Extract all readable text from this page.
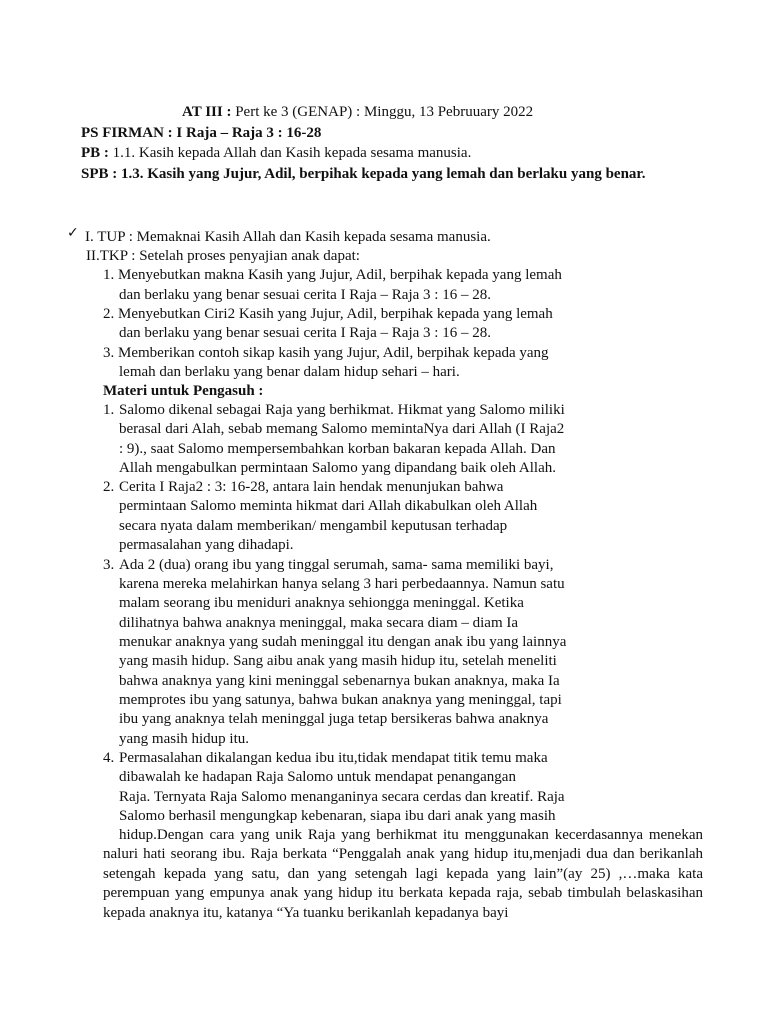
AT III : Pert ke 3 (GENAP) : Minggu, 13 Pebruuary 2022
PS FIRMAN : I Raja – Raja 3 : 16-28
PB : 1.1. Kasih kepada Allah dan Kasih kepada sesama manusia.
SPB : 1.3. Kasih yang Jujur, Adil, berpihak kepada yang lemah dan berlaku yang benar.
✓ I. TUP : Memaknai Kasih Allah dan Kasih kepada sesama manusia.
II.TKP : Setelah proses penyajian anak dapat:
1. Menyebutkan makna Kasih yang Jujur, Adil, berpihak kepada yang lemah
dan berlaku yang benar sesuai cerita I Raja – Raja 3 : 16 – 28.
2. Menyebutkan Ciri2 Kasih yang Jujur, Adil, berpihak kepada yang lemah
dan berlaku yang benar sesuai cerita I Raja – Raja 3 : 16 – 28.
3. Memberikan contoh sikap kasih yang Jujur, Adil, berpihak kepada yang
lemah dan berlaku yang benar dalam hidup sehari – hari.
Materi untuk Pengasuh :
1. Salomo dikenal sebagai Raja yang berhikmat. Hikmat yang Salomo miliki
berasal dari Alah, sebab memang Salomo memintaNya dari Allah (I Raja2
: 9)., saat Salomo mempersembahkan korban bakaran kepada Allah. Dan
Allah mengabulkan permintaan Salomo yang dipandang baik oleh Allah.
2. Cerita I Raja2 : 3: 16-28, antara lain hendak menunjukan bahwa
permintaan Salomo meminta hikmat dari Allah dikabulkan oleh Allah
secara nyata dalam memberikan/ mengambil keputusan terhadap
permasalahan yang dihadapi.
3. Ada 2 (dua) orang ibu yang tinggal serumah, sama- sama memiliki bayi,
karena mereka melahirkan hanya selang 3 hari perbedaannya. Namun satu
malam seorang ibu meniduri anaknya sehiongga meninggal. Ketika
dilihatnya bahwa anaknya meninggal, maka secara diam – diam Ia
menukar anaknya yang sudah meninggal itu dengan anak ibu yang lainnya
yang masih hidup. Sang aibu anak yang masih hidup itu, setelah meneliti
bahwa anaknya yang kini meninggal sebenarnya bukan anaknya, maka Ia
memprotes ibu yang satunya, bahwa bukan anaknya yang meninggal, tapi
ibu yang anaknya telah meninggal juga tetap bersikeras bahwa anaknya
yang masih hidup itu.
4. Permasalahan dikalangan kedua ibu itu,tidak mendapat titik temu maka
dibawalah ke hadapan Raja Salomo untuk mendapat penangangan
Raja. Ternyata Raja Salomo menanganinya secara cerdas dan kreatif. Raja
Salomo berhasil mengungkap kebenaran, siapa ibu dari anak yang masih
hidup.Dengan cara yang unik Raja yang berhikmat itu menggunakan kecerdasannya menekan naluri hati seorang ibu. Raja berkata “Penggalah anak yang hidup itu,menjadi dua dan berikanlah setengah kepada yang satu, dan yang setengah lagi kepada yang lain”(ay 25) ,…maka kata perempuan yang empunya anak yang hidup itu berkata kepada raja, sebab timbulah belaskasihan kepada anaknya itu, katanya “Ya tuanku berikanlah kepadanya bayi
